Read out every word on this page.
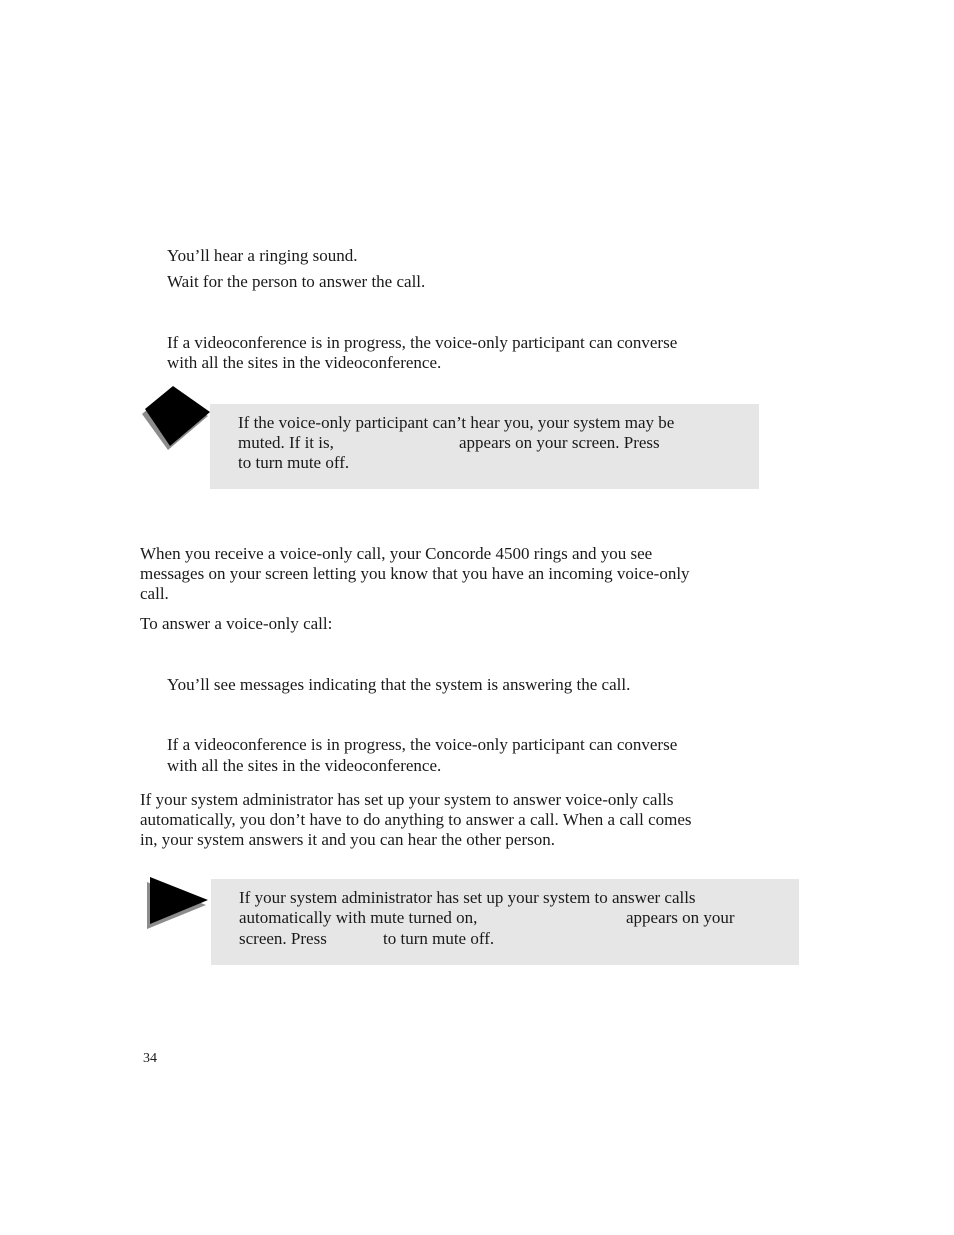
You’ll hear a ringing sound.
Wait for the person to answer the call.
If a videoconference is in progress, the voice-only participant can converse
with all the sites in the videoconference.
If the voice-only participant can’t hear you, your system may be
muted. If it is,	appears on your screen. Press
to turn mute off.
When you receive a voice-only call, your Concorde 4500 rings and you see
messages on your screen letting you know that you have an incoming voice-only
call.
To answer a voice-only call:
You’ll see messages indicating that the system is answering the call.
If a videoconference is in progress, the voice-only participant can converse
with all the sites in the videoconference.
If your system administrator has set up your system to answer voice-only calls
automatically, you don’t have to do anything to answer a call. When a call comes
in, your system answers it and you can hear the other person.
If your system administrator has set up your system to answer calls
automatically with mute turned on,	appears on your
screen. Press	to turn mute off.
34
